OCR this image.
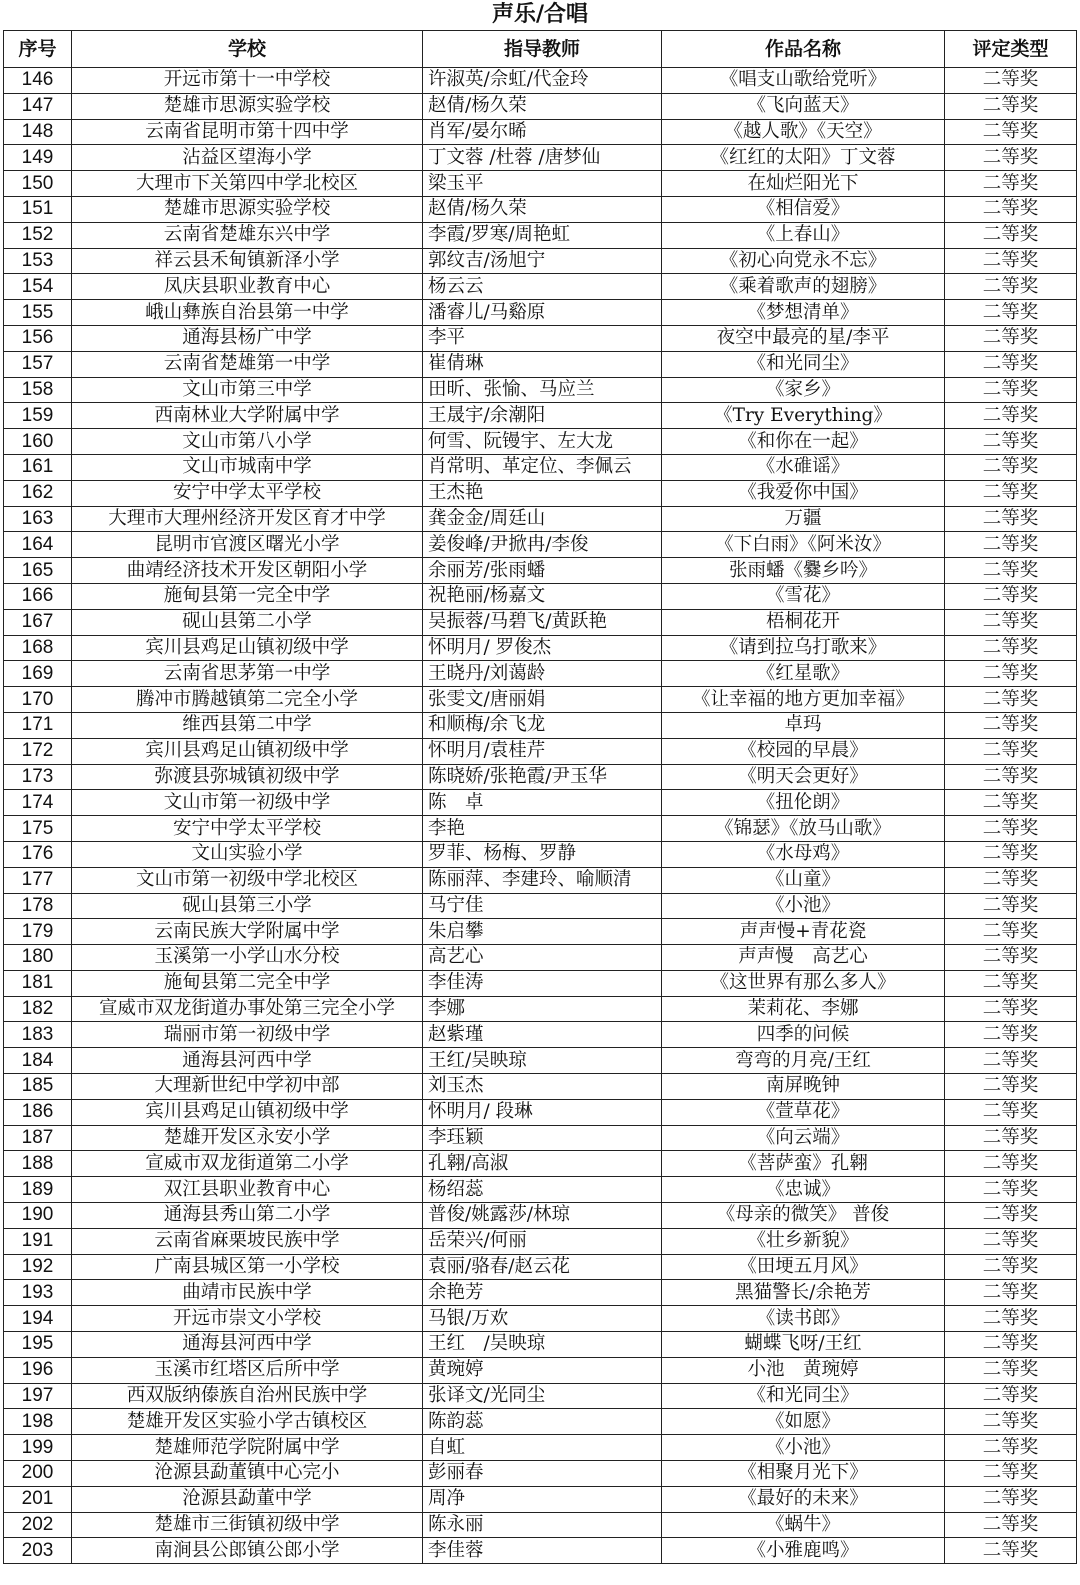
声乐/合唱
序号	学校	指导教师	作品名称	评定类型
146	开远市第十一中学校	许淑英/佘虹/代金玲	《唱支山歌给党听》	二等奖
147	楚雄市思源实验学校	赵倩/杨久荣	《飞向蓝天》	二等奖
148	云南省昆明市第十四中学	肖军/晏尔晞	《越人歌》《天空》	二等奖
149	沾益区望海小学	丁文蓉 /杜蓉 /唐梦仙	《红红的太阳》丁文蓉	二等奖
150	大理市下关第四中学北校区	梁玉平	在灿烂阳光下	二等奖
151	楚雄市思源实验学校	赵倩/杨久荣	《相信爱》	二等奖
152	云南省楚雄东兴中学	李霞/罗寒/周艳虹	《上春山》	二等奖
153	祥云县禾甸镇新泽小学	郭纹吉/汤旭宁	《初心向党永不忘》	二等奖
154	凤庆县职业教育中心	杨云云	《乘着歌声的翅膀》	二等奖
155	峨山彝族自治县第一中学	潘睿儿/马谿原	《梦想清单》	二等奖
156	通海县杨广中学	李平	夜空中最亮的星/李平	二等奖
157	云南省楚雄第一中学	崔倩琳	《和光同尘》	二等奖
158	文山市第三中学	田昕、张愉、马应兰	《家乡》	二等奖
159	西南林业大学附属中学	王晟宇/余潮阳	《Try Everything》	二等奖
160	文山市第八小学	何雪、阮镘宇、左大龙	《和你在一起》	二等奖
161	文山市城南中学	肖常明、革定位、李佩云	《水碓谣》	二等奖
162	安宁中学太平学校	王杰艳	《我爱你中国》	二等奖
163	大理市大理州经济开发区育才中学	龚金金/周廷山	万疆	二等奖
164	昆明市官渡区曙光小学	姜俊峰/尹掀冉/李俊	《下白雨》《阿米汝》	二等奖
165	曲靖经济技术开发区朝阳小学	余丽芳/张雨蟠	张雨蟠《爨乡吟》	二等奖
166	施甸县第一完全中学	祝艳丽/杨嘉文	《雪花》	二等奖
167	砚山县第二小学	吴振蓉/马碧飞/黄跃艳	梧桐花开	二等奖
168	宾川县鸡足山镇初级中学	怀明月/ 罗俊杰	《请到拉乌打歌来》	二等奖
169	云南省思茅第一中学	王晓丹/刘蔼龄	《红星歌》	二等奖
170	腾冲市腾越镇第二完全小学	张雯文/唐丽娟	《让幸福的地方更加幸福》	二等奖
171	维西县第二中学	和顺梅/余飞龙	卓玛	二等奖
172	宾川县鸡足山镇初级中学	怀明月/袁桂芹	《校园的早晨》	二等奖
173	弥渡县弥城镇初级中学	陈晓娇/张艳霞/尹玉华	《明天会更好》	二等奖
174	文山市第一初级中学	陈　卓	《扭伦朗》	二等奖
175	安宁中学太平学校	李艳	《锦瑟》《放马山歌》	二等奖
176	文山实验小学	罗菲、杨梅、罗静	《水母鸡》	二等奖
177	文山市第一初级中学北校区	陈丽萍、李建玲、喻顺清	《山童》	二等奖
178	砚山县第三小学	马宁佳	《小池》	二等奖
179	云南民族大学附属中学	朱启攀	声声慢+青花瓷	二等奖
180	玉溪第一小学山水分校	高艺心	声声慢　高艺心	二等奖
181	施甸县第二完全中学	李佳涛	《这世界有那么多人》	二等奖
182	宣威市双龙街道办事处第三完全小学	李娜	茉莉花、李娜	二等奖
183	瑞丽市第一初级中学	赵紫瑾	四季的问候	二等奖
184	通海县河西中学	王红/吴映琼	弯弯的月亮/王红	二等奖
185	大理新世纪中学初中部	刘玉杰	南屏晚钟	二等奖
186	宾川县鸡足山镇初级中学	怀明月/ 段琳	《萱草花》	二等奖
187	楚雄开发区永安小学	李珏颖	《向云端》	二等奖
188	宣威市双龙街道第二小学	孔翱/高淑	《菩萨蛮》孔翱	二等奖
189	双江县职业教育中心	杨绍蕊	《忠诚》	二等奖
190	通海县秀山第二小学	普俊/姚露莎/林琼	《母亲的微笑》 普俊	二等奖
191	云南省麻栗坡民族中学	岳荣兴/何丽	《壮乡新貌》	二等奖
192	广南县城区第一小学校	袁丽/骆春/赵云花	《田埂五月风》	二等奖
193	曲靖市民族中学	余艳芳	黑猫警长/余艳芳	二等奖
194	开远市崇文小学校	马银/万欢	《读书郎》	二等奖
195	通海县河西中学	王红　/吴映琼	蝴蝶飞呀/王红	二等奖
196	玉溪市红塔区后所中学	黄琬婷	小池　黄琬婷	二等奖
197	西双版纳傣族自治州民族中学	张译文/光同尘	《和光同尘》	二等奖
198	楚雄开发区实验小学古镇校区	陈韵蕊	《如愿》	二等奖
199	楚雄师范学院附属中学	自虹	《小池》	二等奖
200	沧源县勐董镇中心完小	彭丽春	《相聚月光下》	二等奖
201	沧源县勐董中学	周净	《最好的未来》	二等奖
202	楚雄市三街镇初级中学	陈永丽	《蜗牛》	二等奖
203	南涧县公郎镇公郎小学	李佳蓉	《小雅鹿鸣》	二等奖
